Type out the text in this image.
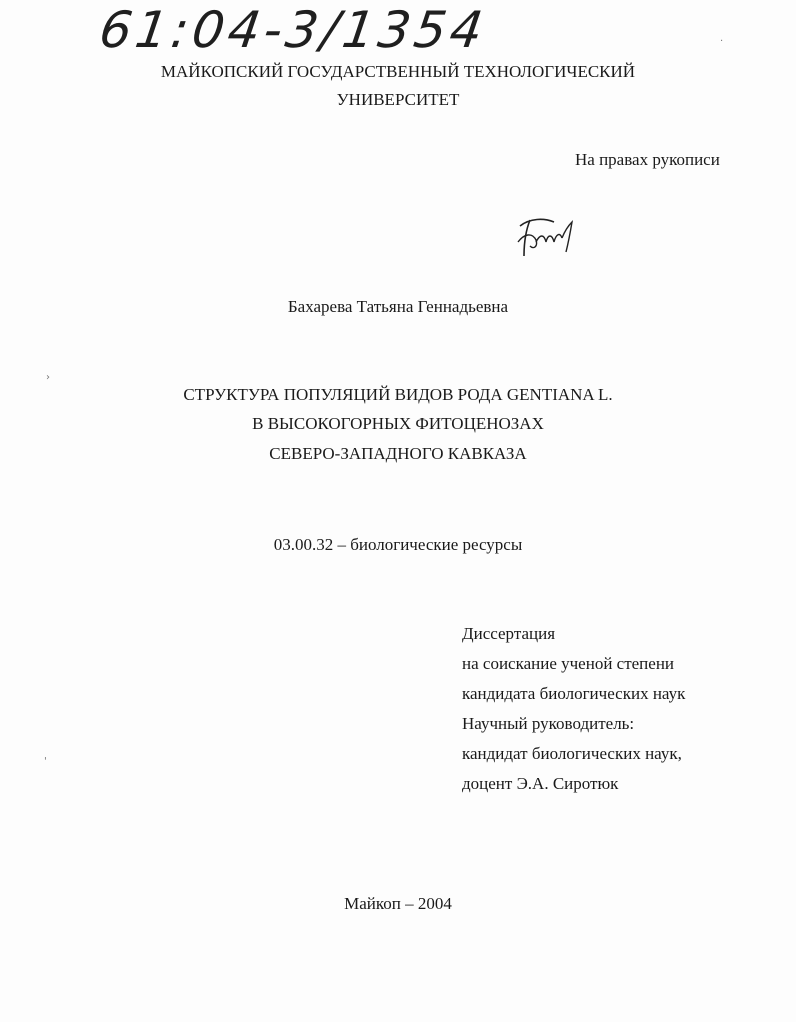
61:04-3/1354	·
›
'
МАЙКОПСКИЙ ГОСУДАРСТВЕННЫЙ ТЕХНОЛОГИЧЕСКИЙ
УНИВЕРСИТЕТ
На правах рукописи
Бахарева Татьяна Геннадьевна
СТРУКТУРА ПОПУЛЯЦИЙ ВИДОВ РОДА GENTIANA L.
В ВЫСОКОГОРНЫХ ФИТОЦЕНОЗАХ
СЕВЕРО-ЗАПАДНОГО КАВКАЗА
03.00.32 – биологические ресурсы
Диссертация
на соискание ученой степени
кандидата биологических наук
Научный руководитель:
кандидат биологических наук,
доцент Э.А. Сиротюк
Майкоп – 2004
